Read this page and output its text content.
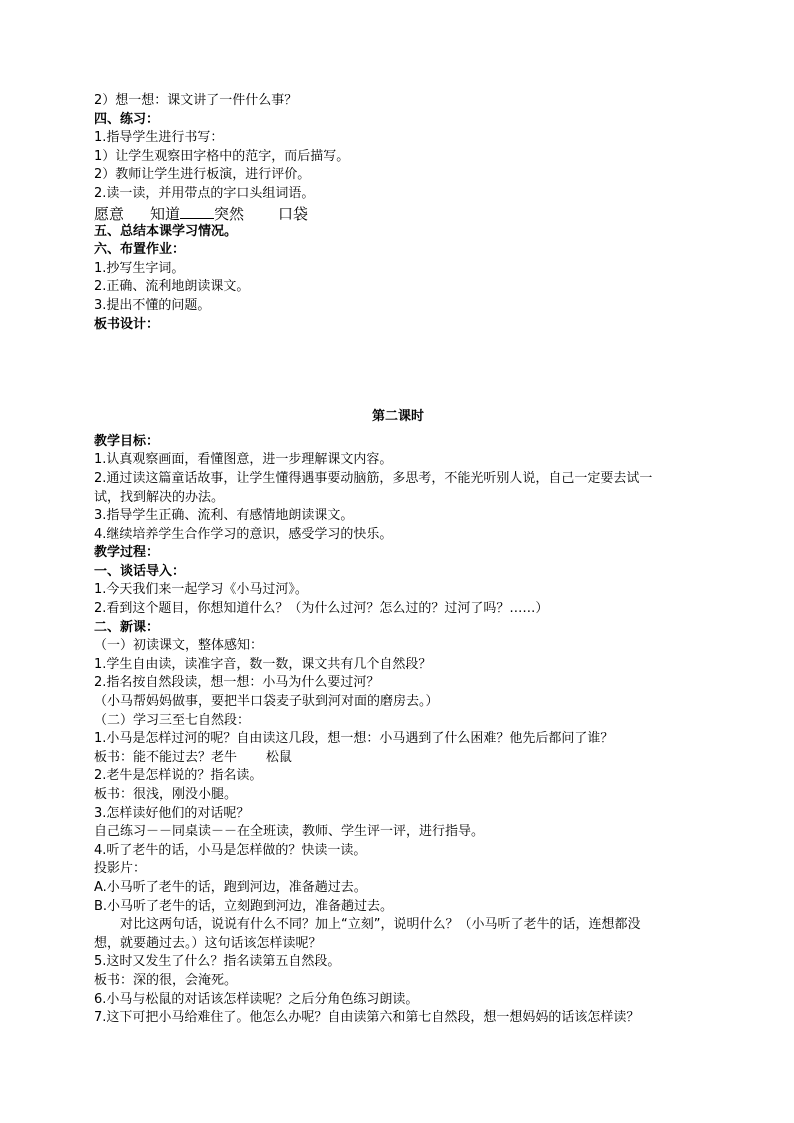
2）想一想：课文讲了一件什么事？
四、练习：
1.指导学生进行书写：
1）让学生观察田字格中的范字，而后描写。
2）教师让学生进行板演，进行评价。
2.读一读，并用带点的字口头组词语。
愿意 知道 突然 口袋
五、总结本课学习情况。
六、布置作业：
1.抄写生字词。
2.正确、流利地朗读课文。
3.提出不懂的问题。
板书设计：
第二课时
教学目标：
1.认真观察画面，看懂图意，进一步理解课文内容。
2.通过读这篇童话故事，让学生懂得遇事要动脑筋，多思考，不能光听别人说，自己一定要去试一
试，找到解决的办法。
3.指导学生正确、流利、有感情地朗读课文。
4.继续培养学生合作学习的意识，感受学习的快乐。
教学过程：
一、谈话导入：
1.今天我们来一起学习《小马过河》。
2.看到这个题目，你想知道什么？（为什么过河？怎么过的？过河了吗？……）
二、新课：
（一）初读课文，整体感知：
1.学生自由读，读准字音，数一数，课文共有几个自然段？
2.指名按自然段读，想一想：小马为什么要过河？
（小马帮妈妈做事，要把半口袋麦子驮到河对面的磨房去。）
（二）学习三至七自然段：
1.小马是怎样过河的呢？自由读这几段，想一想：小马遇到了什么困难？他先后都问了谁？
板书：能不能过去？老牛       松鼠
2.老牛是怎样说的？指名读。
板书：很浅，刚没小腿。
3.怎样读好他们的对话呢？
自己练习－－同桌读－－在全班读，教师、学生评一评，进行指导。
4.听了老牛的话，小马是怎样做的？快读一读。
投影片：
A.小马听了老牛的话，跑到河边，准备趟过去。
B.小马听了老牛的话，立刻跑到河边，准备趟过去。
对比这两句话，说说有什么不同？加上“立刻”，说明什么？（小马听了老牛的话，连想都没
想，就要趟过去。）这句话该怎样读呢？
5.这时又发生了什么？指名读第五自然段。
板书：深的很，会淹死。
6.小马与松鼠的对话该怎样读呢？之后分角色练习朗读。
7.这下可把小马给难住了。他怎么办呢？自由读第六和第七自然段，想一想妈妈的话该怎样读？
